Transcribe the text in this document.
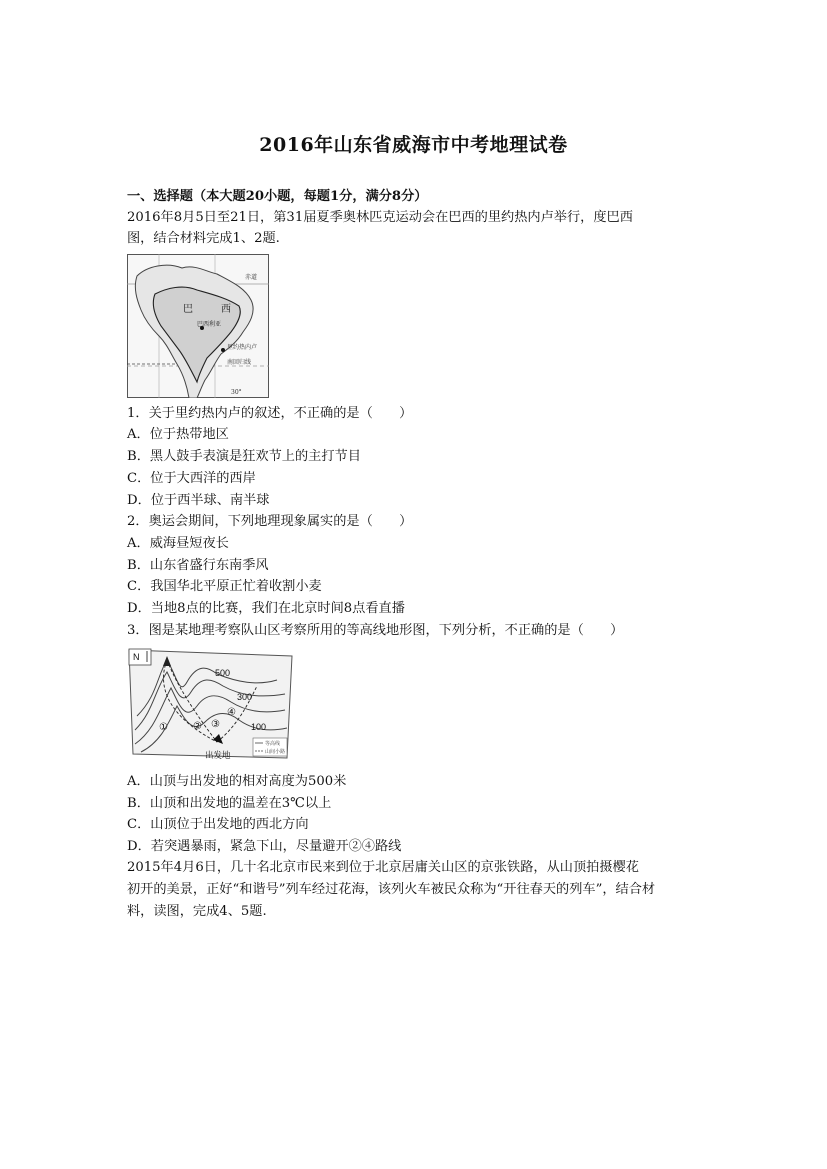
2016年山东省威海市中考地理试卷
一、选择题（本大题20小题，每题1分，满分8分）
2016年8月5日至21日，第31届夏季奥林匹克运动会在巴西的里约热内卢举行，度巴西
图，结合材料完成1、2题.
赤道
巴	西
巴西利亚
里约热内卢
南回归线
30°
1．关于里约热内卢的叙述，不正确的是（　　）
A．位于热带地区
B．黑人鼓手表演是狂欢节上的主打节目
C．位于大西洋的西岸
D．位于西半球、南半球
2．奥运会期间，下列地理现象属实的是（　　）
A．威海昼短夜长
B．山东省盛行东南季风
C．我国华北平原正忙着收割小麦
D．当地8点的比赛，我们在北京时间8点看直播
3．图是某地理考察队山区考察所用的等高线地形图，下列分析，不正确的是（　　）
N
500
300
100
①	② ③
④
出发地
等高线
山间小路
A．山顶与出发地的相对高度为500米
B．山顶和出发地的温差在3℃以上
C．山顶位于出发地的西北方向
D．若突遇暴雨，紧急下山，尽量避开②④路线
2015年4月6日，几十名北京市民来到位于北京居庸关山区的京张铁路，从山顶拍摄樱花
初开的美景，正好“和谐号”列车经过花海，该列火车被民众称为“开往春天的列车”，结合材
料，读图，完成4、5题.
